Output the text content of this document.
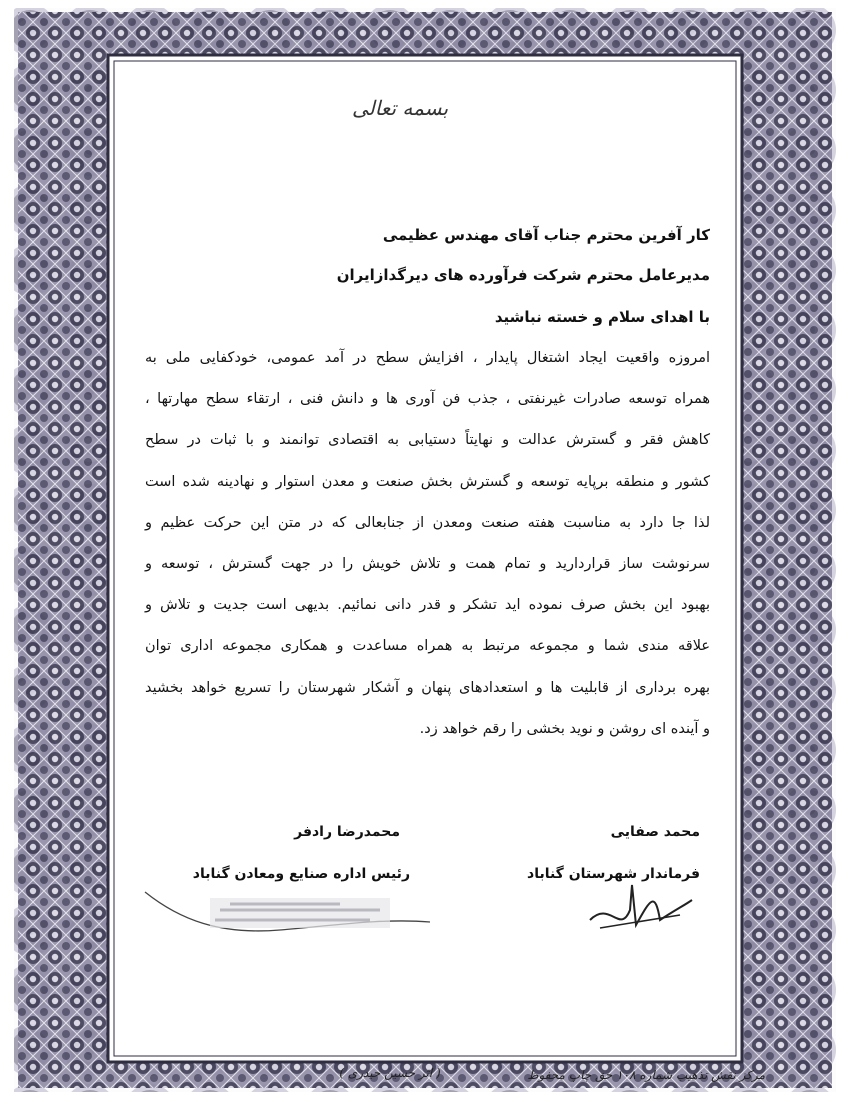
بسمه تعالی
کار آفرین محترم جناب آقای مهندس عظیمی
مدیرعامل محترم شرکت فرآورده های دیرگدازایران
با اهدای سلام و خسته نباشید
امروزه واقعیت ایجاد اشتغال پایدار ، افزایش سطح در آمد عمومی، خودکفایی ملی به
همراه توسعه صادرات غیرنفتی ، جذب فن آوری ها و دانش فنی ، ارتقاء سطح مهارتها ،
کاهش فقر و گسترش عدالت و نهایتاً دستیابی به اقتصادی توانمند و با ثبات در سطح
کشور و منطقه برپایه توسعه و گسترش بخش صنعت و معدن استوار و نهادینه شده است
لذا جا دارد به مناسبت هفته صنعت ومعدن از جنابعالی که در متن این حرکت عظیم و
سرنوشت ساز قراردارید و تمام همت و تلاش خویش را در جهت گسترش ، توسعه و
بهبود این بخش صرف نموده اید تشکر و قدر دانی نمائیم. بدیهی است جدیت و تلاش و
علاقه مندی شما و مجموعه مرتبط به همراه مساعدت و همکاری مجموعه اداری توان
بهره برداری از قابلیت ها و استعدادهای پنهان و آشکار شهرستان را تسریع خواهد بخشید
و آینده ای روشن و نوید بخشی را رقم خواهد زد.
محمد صفایی
فرماندار شهرستان گناباد
محمدرضا رادفر
رئیس اداره صنایع ومعادن گناباد
مرکز نقش تذهیب شماره ۱۰۸ حق چاپ محفوظ
( اثر حسین حیدری )
